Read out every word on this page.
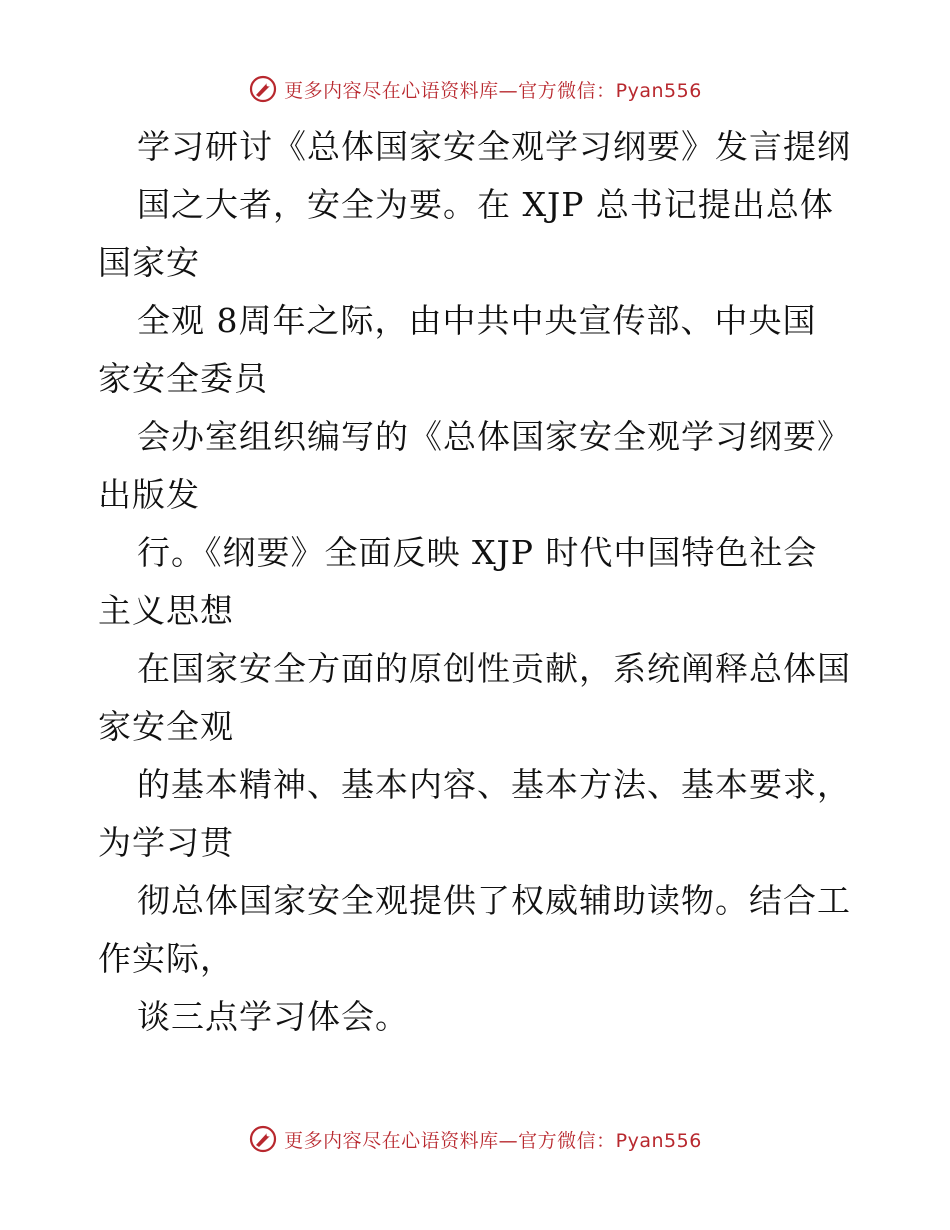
更多内容尽在心语资料库—官方微信：Pyan556
学习研讨《总体国家安全观学习纲要》发言提纲
国之大者，安全为要。在 XJP 总书记提出总体
国家安
全观 8周年之际，由中共中央宣传部、中央国
家安全委员
会办室组织编写的《总体国家安全观学习纲要》
出版发
行。《纲要》全面反映 XJP 时代中国特色社会
主义思想
在国家安全方面的原创性贡献，系统阐释总体国
家安全观
的基本精神、基本内容、基本方法、基本要求，
为学习贯
彻总体国家安全观提供了权威辅助读物。结合工
作实际，
谈三点学习体会。
更多内容尽在心语资料库—官方微信：Pyan556
